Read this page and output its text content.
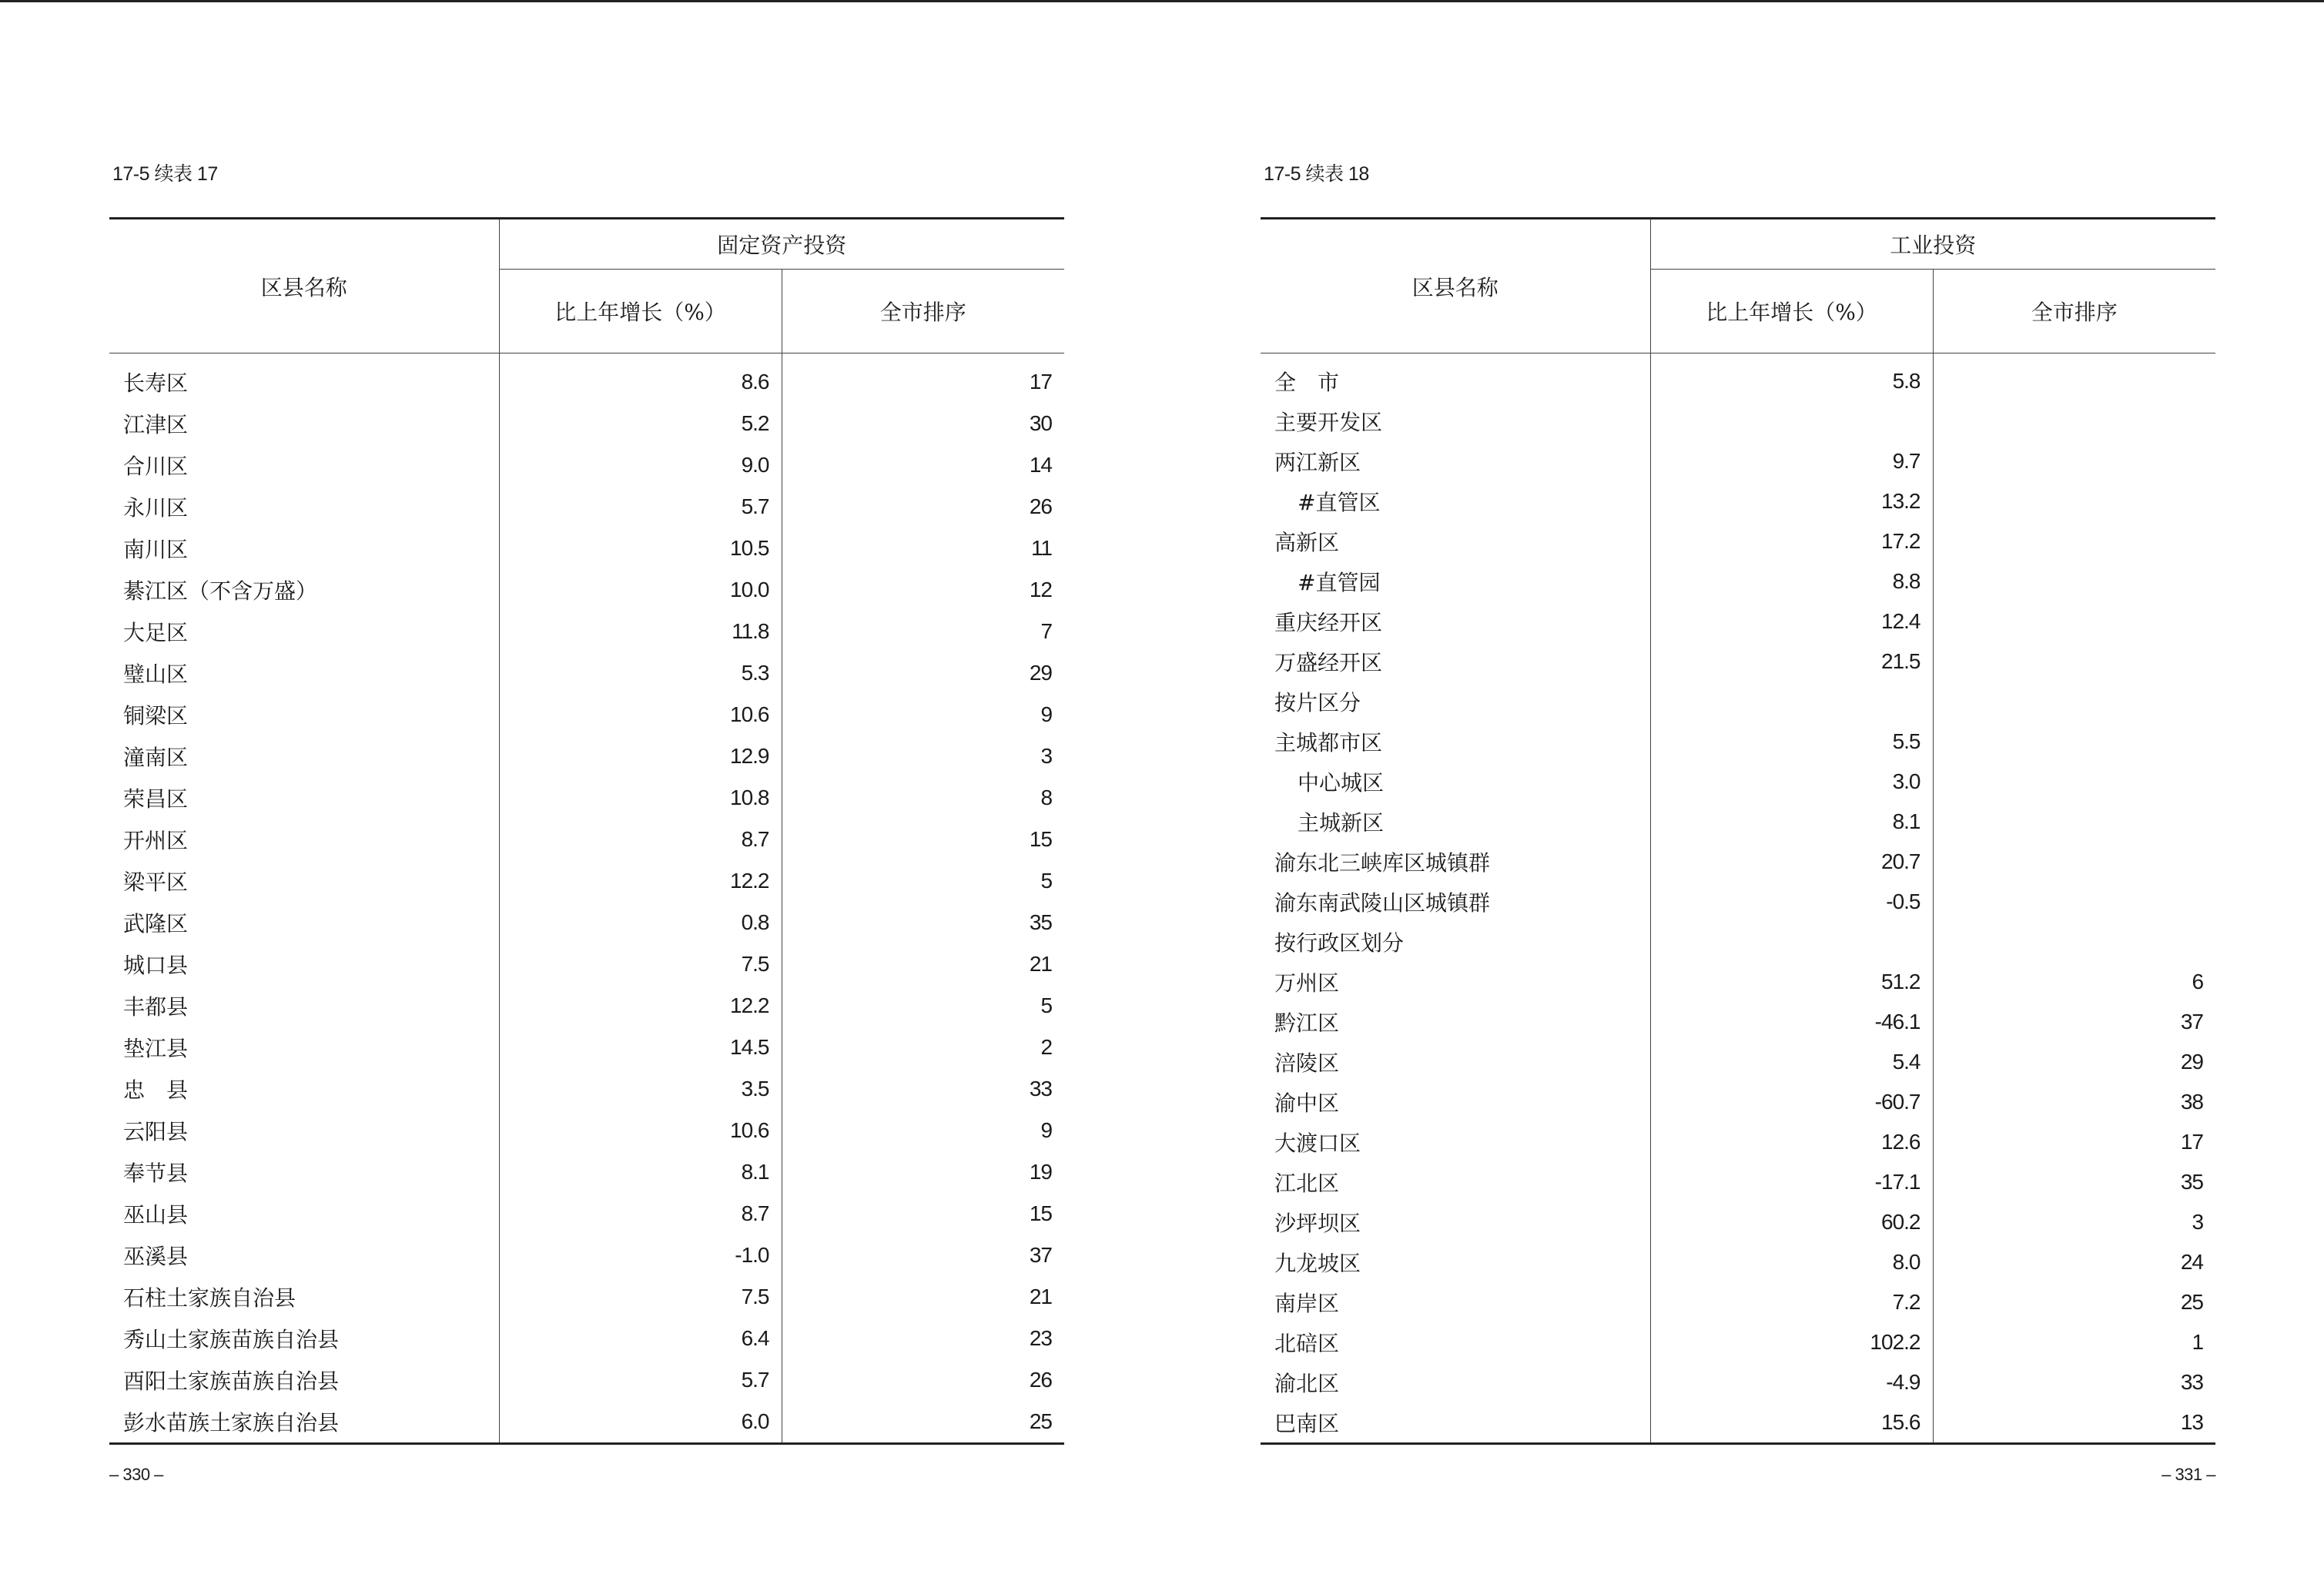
17-5 续表 17
区县名称	固定资产投资	
	比上年增长（%）	全市排序
长寿区	8.6	17
江津区	5.2	30
合川区	9.0	14
永川区	5.7	26
南川区	10.5	11
綦江区（不含万盛）	10.0	12
大足区	11.8	7
璧山区	5.3	29
铜梁区	10.6	9
潼南区	12.9	3
荣昌区	10.8	8
开州区	8.7	15
梁平区	12.2	5
武隆区	0.8	35
城口县	7.5	21
丰都县	12.2	5
垫江县	14.5	2
忠　县	3.5	33
云阳县	10.6	9
奉节县	8.1	19
巫山县	8.7	15
巫溪县	-1.0	37
石柱土家族自治县	7.5	21
秀山土家族苗族自治县	6.4	23
酉阳土家族苗族自治县	5.7	26
彭水苗族土家族自治县	6.0	25
– 330 –
17-5 续表 18
区县名称	工业投资	
	比上年增长（%）	全市排序
全　市	5.8	
主要开发区		
两江新区	9.7	
#直管区	13.2	
高新区	17.2	
#直管园	8.8	
重庆经开区	12.4	
万盛经开区	21.5	
按片区分		
主城都市区	5.5	
中心城区	3.0	
主城新区	8.1	
渝东北三峡库区城镇群	20.7	
渝东南武陵山区城镇群	-0.5	
按行政区划分		
万州区	51.2	6
黔江区	-46.1	37
涪陵区	5.4	29
渝中区	-60.7	38
大渡口区	12.6	17
江北区	-17.1	35
沙坪坝区	60.2	3
九龙坡区	8.0	24
南岸区	7.2	25
北碚区	102.2	1
渝北区	-4.9	33
巴南区	15.6	13
– 331 –
